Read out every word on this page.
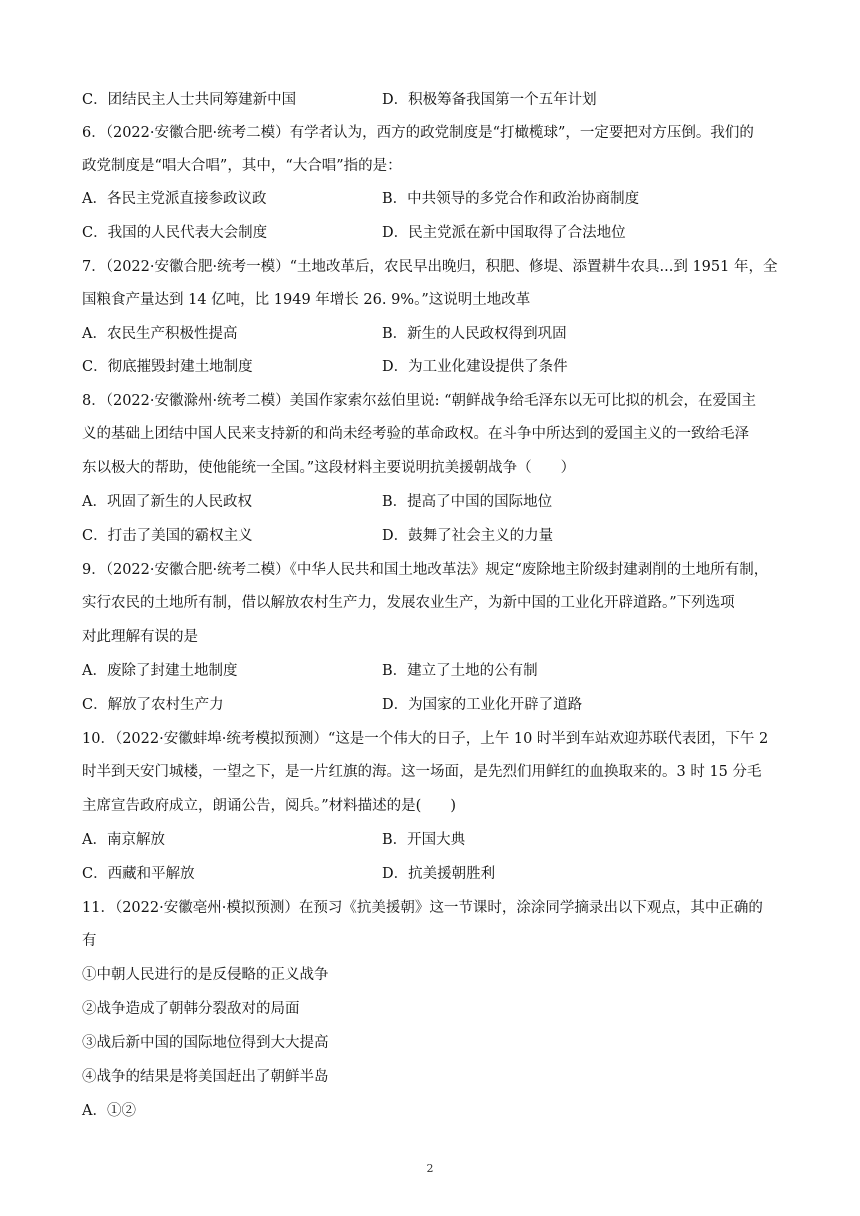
C．团结民主人士共同筹建新中国	D．积极筹备我国第一个五年计划
6．（2022·安徽合肥·统考二模）有学者认为，西方的政党制度是“打橄榄球”，一定要把对方压倒。我们的
政党制度是“唱大合唱”，其中，“大合唱”指的是：
A．各民主党派直接参政议政	B．中共领导的多党合作和政治协商制度
C．我国的人民代表大会制度	D．民主党派在新中国取得了合法地位
7．（2022·安徽合肥·统考一模）“土地改革后，农民早出晚归，积肥、修堤、添置耕牛农具...到 1951 年，全
国粮食产量达到 14 亿吨，比 1949 年增长 26. 9%。”这说明土地改革
A．农民生产积极性提高	B．新生的人民政权得到巩固
C．彻底摧毁封建土地制度	D．为工业化建设提供了条件
8．（2022·安徽滁州·统考二模）美国作家索尔兹伯里说: “朝鲜战争给毛泽东以无可比拟的机会，在爱国主
义的基础上团结中国人民来支持新的和尚未经考验的革命政权。在斗争中所达到的爱国主义的一致给毛泽
东以极大的帮助，使他能统一全国。”这段材料主要说明抗美援朝战争（　　）
A．巩固了新生的人民政权	B．提高了中国的国际地位
C．打击了美国的霸权主义	D．鼓舞了社会主义的力量
9．（2022·安徽合肥·统考二模）《中华人民共和国土地改革法》规定“废除地主阶级封建剥削的土地所有制，
实行农民的土地所有制，借以解放农村生产力，发展农业生产，为新中国的工业化开辟道路。”下列选项
对此理解有误的是
A．废除了封建土地制度	B．建立了土地的公有制
C．解放了农村生产力	D．为国家的工业化开辟了道路
10．（2022·安徽蚌埠·统考模拟预测）“这是一个伟大的日子，上午 10 时半到车站欢迎苏联代表团，下午 2
时半到天安门城楼，一望之下，是一片红旗的海。这一场面，是先烈们用鲜红的血换取来的。3 时 15 分毛
主席宣告政府成立，朗诵公告，阅兵。”材料描述的是(　　)
A．南京解放	B．开国大典
C．西藏和平解放	D．抗美援朝胜利
11．（2022·安徽亳州·模拟预测）在预习《抗美援朝》这一节课时，涂涂同学摘录出以下观点，其中正确的
有
①中朝人民进行的是反侵略的正义战争
②战争造成了朝韩分裂敌对的局面
③战后新中国的国际地位得到大大提高
④战争的结果是将美国赶出了朝鲜半岛
A．①②
2
